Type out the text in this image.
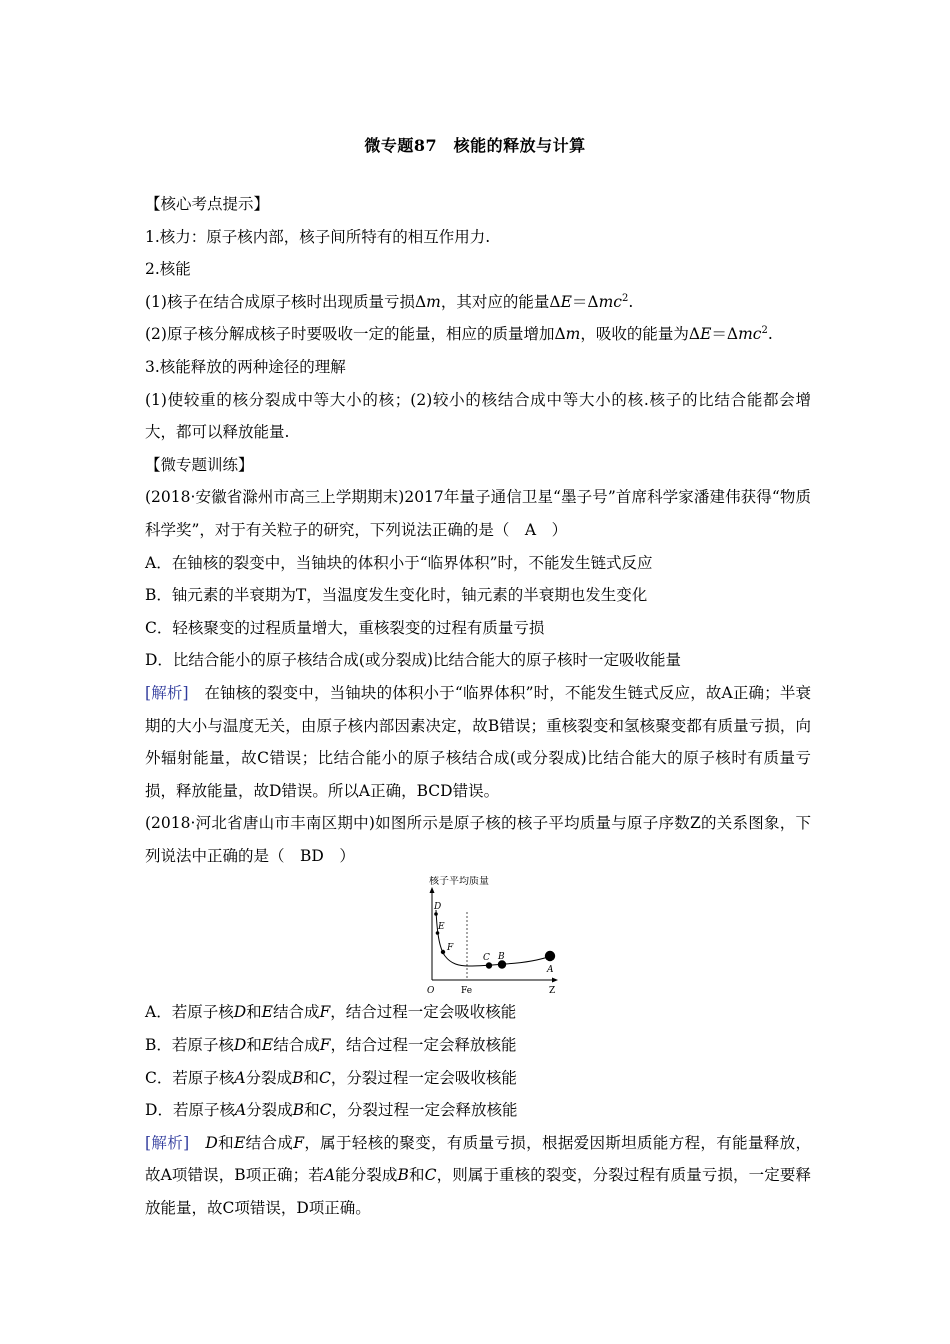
微专题87　核能的释放与计算

【核心考点提示】

1.核力：原子核内部，核子间所特有的相互作用力.

2.核能

(1)核子在结合成原子核时出现质量亏损Δm，其对应的能量ΔE＝Δmc$^2$.

(2)原子核分解成核子时要吸收一定的能量，相应的质量增加Δm，吸收的能量为ΔE＝Δmc$^2$.

3.核能释放的两种途径的理解

(1)使较重的核分裂成中等大小的核；(2)较小的核结合成中等大小的核.核子的比结合能都会增大，都可以释放能量.

【微专题训练】

(2018·安徽省滁州市高三上学期期末)2017年量子通信卫星“墨子号”首席科学家潘建伟获得“物质科学奖”，对于有关粒子的研究，下列说法正确的是（　A　）

A．在铀核的裂变中，当铀块的体积小于“临界体积”时，不能发生链式反应

B．铀元素的半衰期为T，当温度发生变化时，铀元素的半衰期也发生变化

C．轻核聚变的过程质量增大，重核裂变的过程有质量亏损

D．比结合能小的原子核结合成(或分裂成)比结合能大的原子核时一定吸收能量

[解析]　在铀核的裂变中，当铀块的体积小于“临界体积”时，不能发生链式反应，故A正确；半衰期的大小与温度无关，由原子核内部因素决定，故B错误；重核裂变和氢核聚变都有质量亏损，向外辐射能量，故C错误；比结合能小的原子核结合成(或分裂成)比结合能大的原子核时有质量亏损，释放能量，故D错误。所以A正确，BCD错误。

(2018·河北省唐山市丰南区期中)如图所示是原子核的核子平均质量与原子序数Z的关系图象，下列说法中正确的是（　BD　）

核子平均质量
D
E
F
C B
A
O	Fe	Z

A．若原子核D和E结合成F，结合过程一定会吸收核能

B．若原子核D和E结合成F，结合过程一定会释放核能

C．若原子核A分裂成B和C，分裂过程一定会吸收核能

D．若原子核A分裂成B和C，分裂过程一定会释放核能

[解析]　 D和E结合成F，属于轻核的聚变，有质量亏损，根据爱因斯坦质能方程，有能量释放，故A项错误，B项正确；若A能分裂成B和C，则属于重核的裂变，分裂过程有质量亏损，一定要释放能量，故C项错误，D项正确。
